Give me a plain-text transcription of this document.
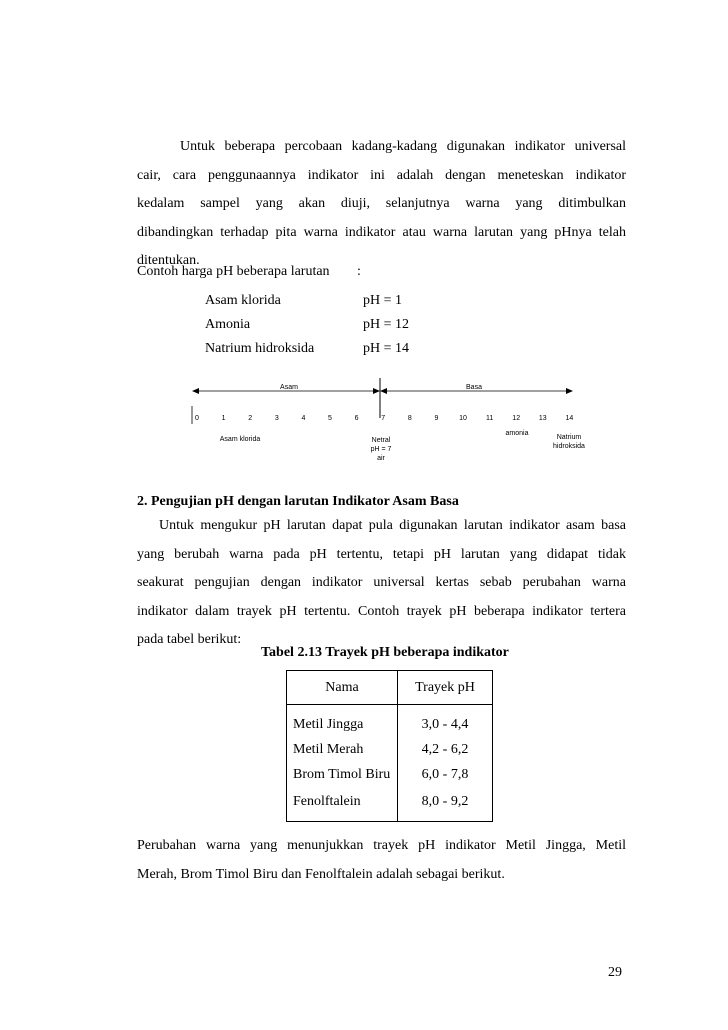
Untuk beberapa percobaan kadang-kadang digunakan indikator universal
cair, cara penggunaannya indikator ini adalah dengan meneteskan indikator
kedalam sampel yang akan diuji, selanjutnya warna yang ditimbulkan
dibandingkan terhadap pita warna indikator atau warna larutan yang pHnya telah
ditentukan.

Contoh harga pH beberapa larutan :
Asam klorida	pH = 1
Amonia	pH = 12
Natrium hidroksida	pH = 14
Asam	Basa
0	1	2	3	4	5	6	7	8	9	10	11	12	13	14
Asam klorida	Netral
pH = 7
air
amonia
Natrium
hidroksida
2. Pengujian pH dengan larutan Indikator Asam Basa

Untuk mengukur pH larutan dapat pula digunakan larutan indikator asam basa
yang berubah warna pada pH tertentu, tetapi pH larutan yang didapat tidak
seakurat pengujian dengan indikator universal kertas sebab perubahan warna
indikator dalam trayek pH tertentu. Contoh trayek pH beberapa indikator tertera
pada tabel berikut:

Tabel 2.13 Trayek pH beberapa indikator
Nama	Trayek pH
Metil Jingga	3,0 - 4,4
Metil Merah	4,2 - 6,2
Brom Timol Biru	6,0 - 7,8
Fenolftalein	8,0 - 9,2

Perubahan warna yang menunjukkan trayek pH indikator Metil Jingga, Metil
Merah, Brom Timol Biru dan Fenolftalein adalah sebagai berikut.

29
